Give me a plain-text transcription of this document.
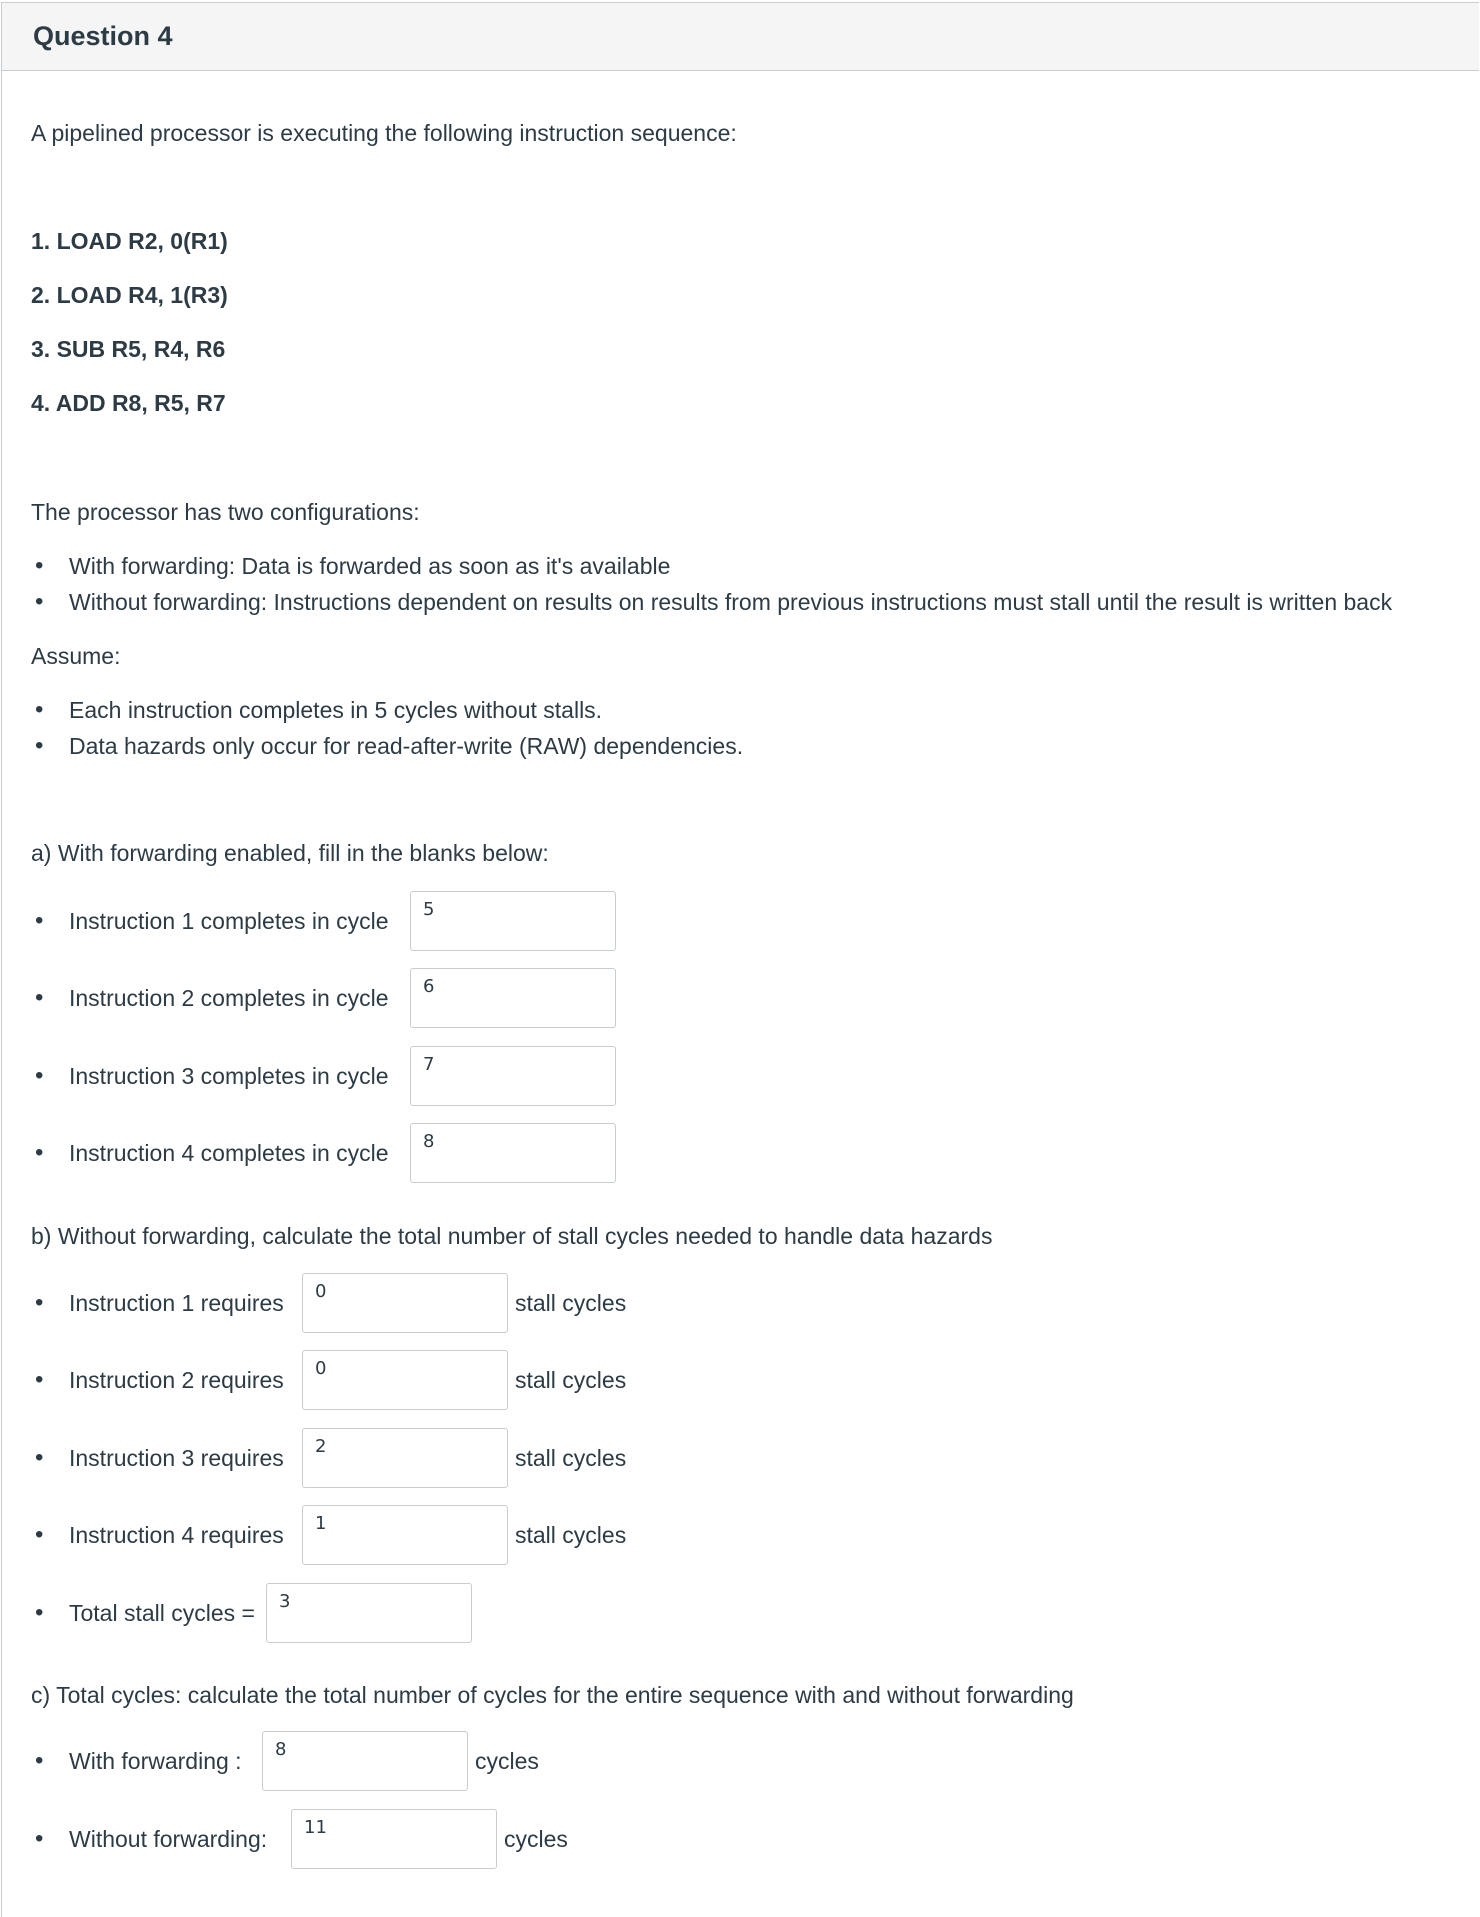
Question 4
A pipelined processor is executing the following instruction sequence:
1. LOAD R2, 0(R1)
2. LOAD R4, 1(R3)
3. SUB R5, R4, R6
4. ADD R8, R5, R7
The processor has two configurations:
• With forwarding: Data is forwarded as soon as it's available
• Without forwarding: Instructions dependent on results on results from previous instructions must stall until the result is written back
Assume:
• Each instruction completes in 5 cycles without stalls.
• Data hazards only occur for read-after-write (RAW) dependencies.
a) With forwarding enabled, fill in the blanks below:
• Instruction 1 completes in cycle
5
• Instruction 2 completes in cycle
6
• Instruction 3 completes in cycle
7
• Instruction 4 completes in cycle
8
b) Without forwarding, calculate the total number of stall cycles needed to handle data hazards
• Instruction 1 requires
0	stall cycles
• Instruction 2 requires
0	stall cycles
• Instruction 3 requires
2	stall cycles
• Instruction 4 requires
1	stall cycles
• Total stall cycles =
3
c) Total cycles: calculate the total number of cycles for the entire sequence with and without forwarding
• With forwarding :
8	cycles
• Without forwarding:
11	cycles
